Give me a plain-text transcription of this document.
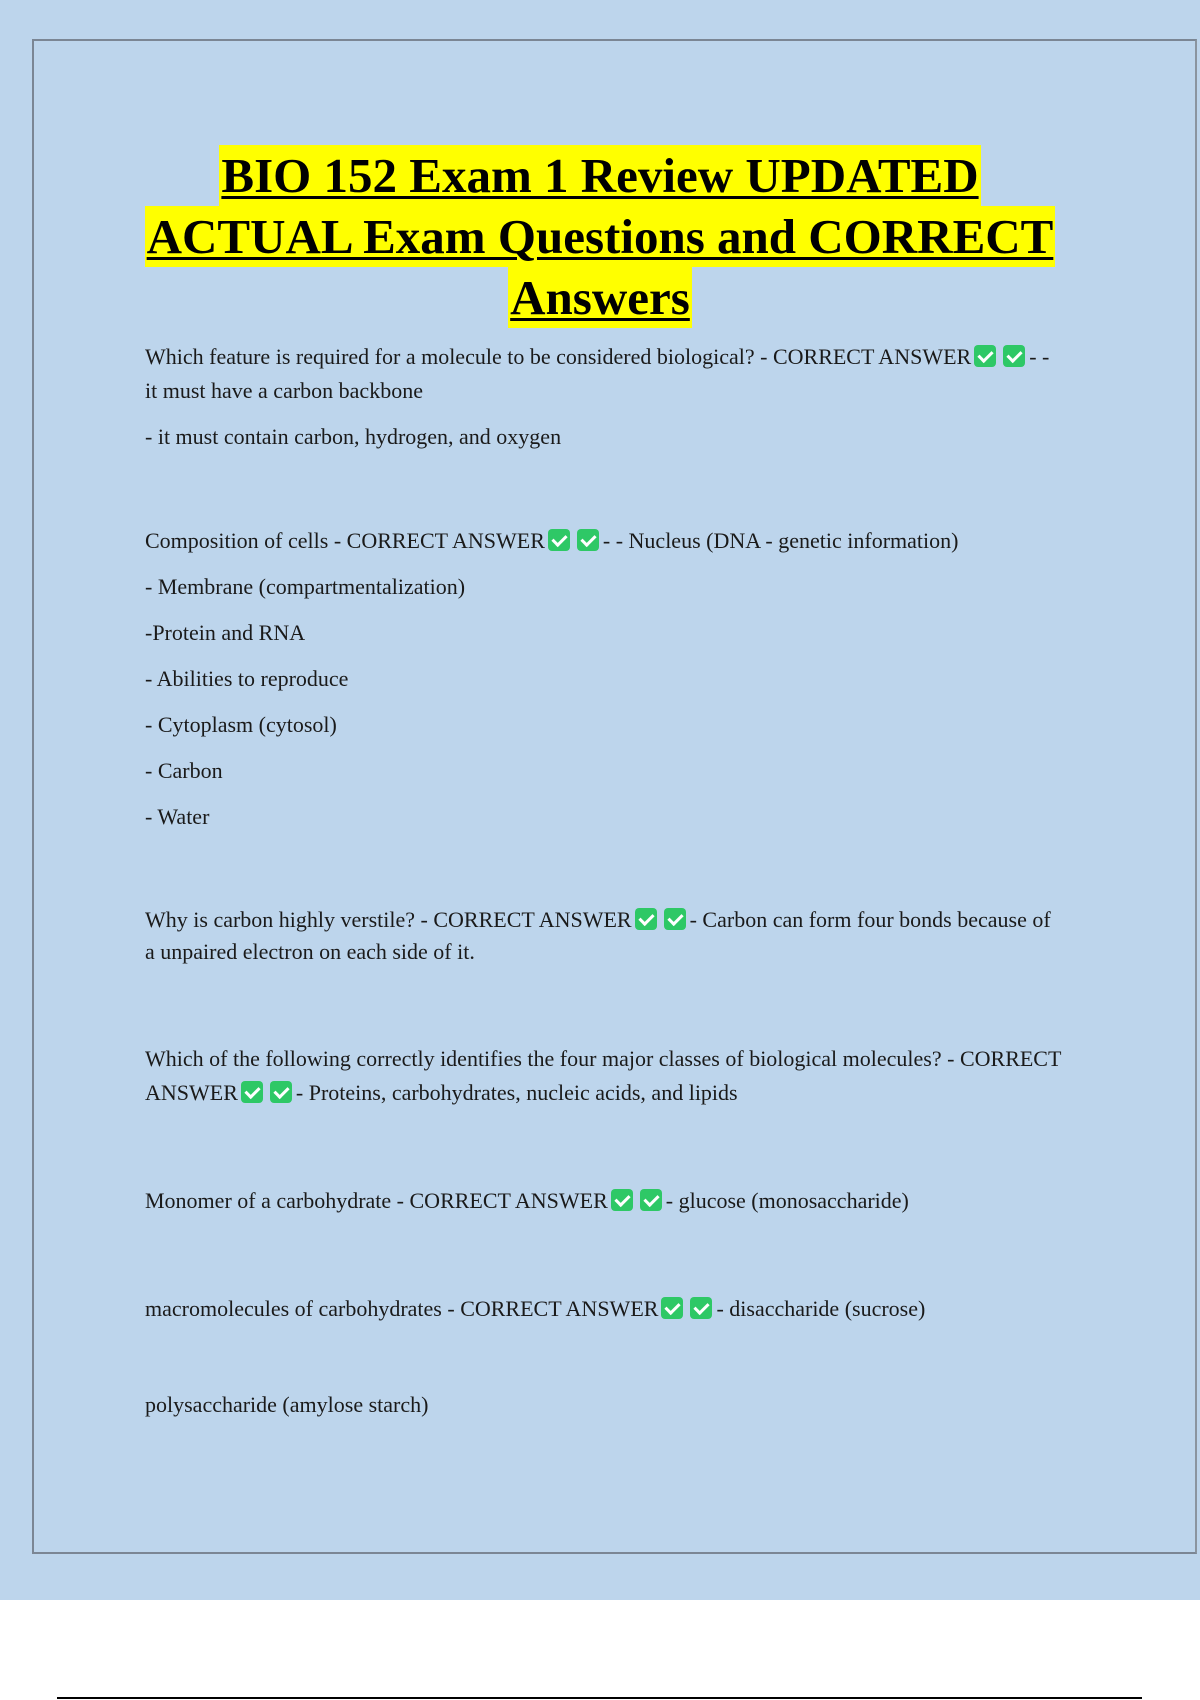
BIO 152 Exam 1 Review UPDATED
ACTUAL Exam Questions and CORRECT
Answers

Which feature is required for a molecule to be considered biological? - CORRECT ANSWER	- - it must have a carbon backbone

- it must contain carbon, hydrogen, and oxygen

Composition of cells - CORRECT ANSWER	- - Nucleus (DNA - genetic information)

- Membrane (compartmentalization)

-Protein and RNA

- Abilities to reproduce

- Cytoplasm (cytosol)

- Carbon

- Water

Why is carbon highly verstile? - CORRECT ANSWER	- Carbon can form four bonds because of a unpaired electron on each side of it.

Which of the following correctly identifies the four major classes of biological molecules? - CORRECT ANSWER	- Proteins, carbohydrates, nucleic acids, and lipids

Monomer of a carbohydrate - CORRECT ANSWER	- glucose (monosaccharide)

macromolecules of carbohydrates - CORRECT ANSWER	- disaccharide (sucrose)

polysaccharide (amylose starch)
